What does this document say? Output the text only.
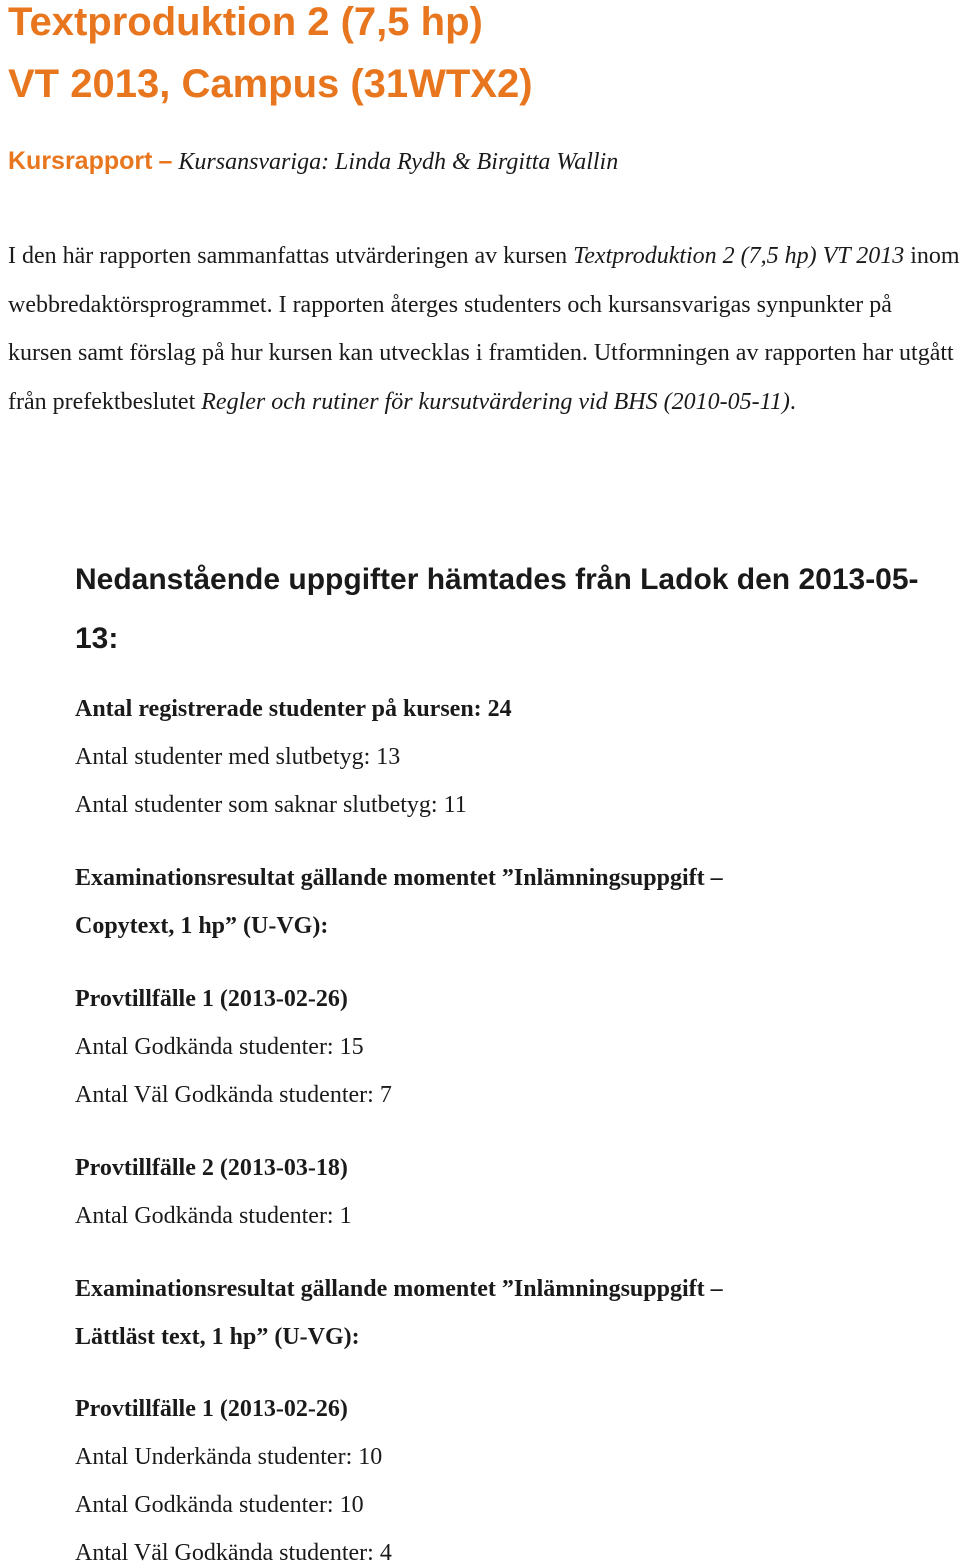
Textproduktion 2 (7,5 hp)
VT 2013, Campus (31WTX2)

Kursrapport – Kursansvariga: Linda Rydh & Birgitta Wallin

I den här rapporten sammanfattas utvärderingen av kursen Textproduktion 2 (7,5 hp) VT 2013 inom webbredaktörsprogrammet. I rapporten återges studenters och kursansvarigas synpunkter på kursen samt förslag på hur kursen kan utvecklas i framtiden. Utformningen av rapporten har utgått från prefektbeslutet Regler och rutiner för kursutvärdering vid BHS (2010-05-11).

Nedanstående uppgifter hämtades från Ladok den 2013-05-13:

Antal registrerade studenter på kursen: 24

Antal studenter med slutbetyg: 13

Antal studenter som saknar slutbetyg: 11

Examinationsresultat gällande momentet ”Inlämningsuppgift –

Copytext, 1 hp” (U-VG):

Provtillfälle 1 (2013-02-26)

Antal Godkända studenter: 15

Antal Väl Godkända studenter: 7

Provtillfälle 2 (2013-03-18)

Antal Godkända studenter: 1

Examinationsresultat gällande momentet ”Inlämningsuppgift –

Lättläst text, 1 hp” (U-VG):

Provtillfälle 1 (2013-02-26)

Antal Underkända studenter: 10

Antal Godkända studenter: 10

Antal Väl Godkända studenter: 4
